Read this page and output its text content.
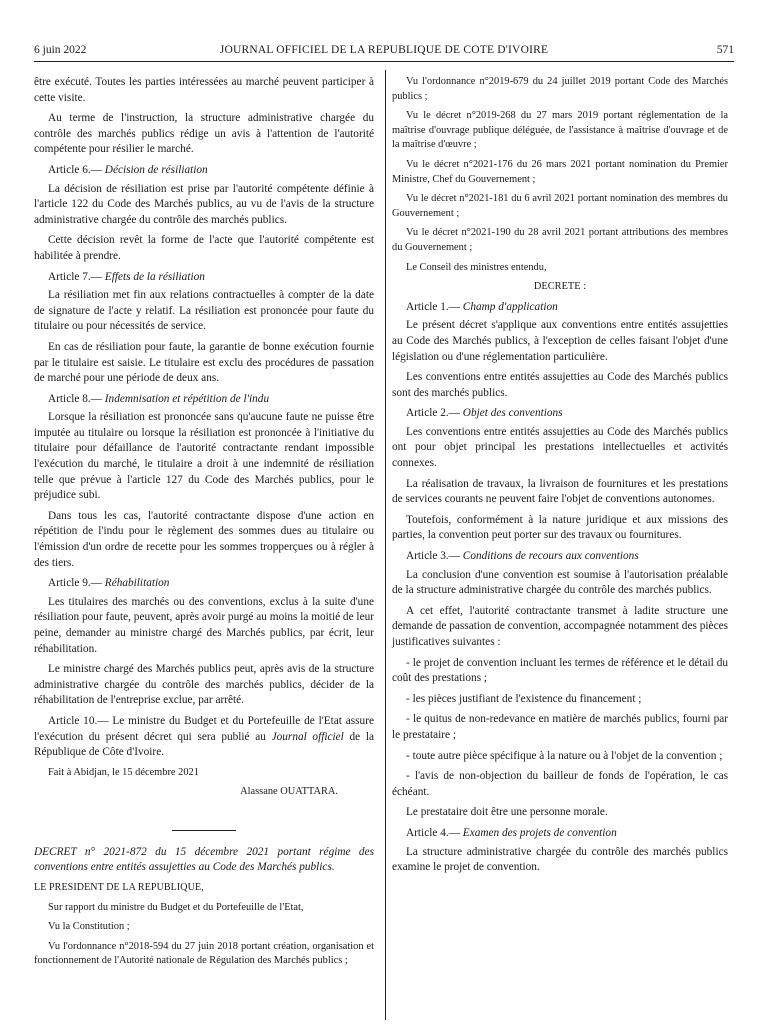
6 juin 2022	JOURNAL OFFICIEL DE LA REPUBLIQUE DE COTE D'IVOIRE	571

être exécuté. Toutes les parties intéressées au marché peuvent participer à cette visite.

Au terme de l'instruction, la structure administrative chargée du contrôle des marchés publics rédige un avis à l'attention de l'autorité compétente pour résilier le marché.

Article 6.— Décision de résiliation

La décision de résiliation est prise par l'autorité compétente définie à l'article 122 du Code des Marchés publics, au vu de l'avis de la structure administrative chargée du contrôle des marchés publics.

Cette décision revêt la forme de l'acte que l'autorité compétente est habilitée à prendre.

Article 7.— Effets de la résiliation

La résiliation met fin aux relations contractuelles à compter de la date de signature de l'acte y relatif. La résiliation est prononcée pour faute du titulaire ou pour nécessités de service.

En cas de résiliation pour faute, la garantie de bonne exécution fournie par le titulaire est saisie. Le titulaire est exclu des procédures de passation de marché pour une période de deux ans.

Article 8.— Indemnisation et répétition de l'indu

Lorsque la résiliation est prononcée sans qu'aucune faute ne puisse être imputée au titulaire ou lorsque la résiliation est prononcée à l'initiative du titulaire pour défaillance de l'autorité contractante rendant impossible l'exécution du marché, le titulaire a droit à une indemnité de résiliation telle que prévue à l'article 127 du Code des Marchés publics, pour le préjudice subi.

Dans tous les cas, l'autorité contractante dispose d'une action en répétition de l'indu pour le règlement des sommes dues au titulaire ou l'émission d'un ordre de recette pour les sommes tropperçues ou à régler à des tiers.

Article 9.— Réhabilitation

Les titulaires des marchés ou des conventions, exclus à la suite d'une résiliation pour faute, peuvent, après avoir purgé au moins la moitié de leur peine, demander au ministre chargé des Marchés publics, par écrit, leur réhabilitation.

Le ministre chargé des Marchés publics peut, après avis de la structure administrative chargée du contrôle des marchés publics, décider de la réhabilitation de l'entreprise exclue, par arrêté.

Article 10.— Le ministre du Budget et du Portefeuille de l'Etat assure l'exécution du présent décret qui sera publié au Journal officiel de la République de Côte d'Ivoire.

Fait à Abidjan, le 15 décembre 2021

Alassane OUATTARA.

DECRET n° 2021-872 du 15 décembre 2021 portant régime des conventions entre entités assujetties au Code des Marchés publics.

LE PRESIDENT DE LA REPUBLIQUE,

Sur rapport du ministre du Budget et du Portefeuille de l'Etat,

Vu la Constitution ;

Vu l'ordonnance n°2018-594 du 27 juin 2018 portant création, organisation et fonctionnement de l'Autorité nationale de Régulation des Marchés publics ;

Vu l'ordonnance n°2019-679 du 24 juillet 2019 portant Code des Marchés publics ;

Vu le décret n°2019-268 du 27 mars 2019 portant réglementation de la maîtrise d'ouvrage publique déléguée, de l'assistance à maîtrise d'ouvrage et de la maîtrise d'œuvre ;

Vu le décret n°2021-176 du 26 mars 2021 portant nomination du Premier Ministre, Chef du Gouvernement ;

Vu le décret n°2021-181 du 6 avril 2021 portant nomination des membres du Gouvernement ;

Vu le décret n°2021-190 du 28 avril 2021 portant attributions des membres du Gouvernement ;

Le Conseil des ministres entendu,

DECRETE :

Article 1.— Champ d'application

Le présent décret s'applique aux conventions entre entités assujetties au Code des Marchés publics, à l'exception de celles faisant l'objet d'une législation ou d'une réglementation particulière.

Les conventions entre entités assujetties au Code des Marchés publics sont des marchés publics.

Article 2.— Objet des conventions

Les conventions entre entités assujetties au Code des Marchés publics ont pour objet principal les prestations intellectuelles et activités connexes.

La réalisation de travaux, la livraison de fournitures et les prestations de services courants ne peuvent faire l'objet de conventions autonomes.

Toutefois, conformément à la nature juridique et aux missions des parties, la convention peut porter sur des travaux ou fournitures.

Article 3.— Conditions de recours aux conventions

La conclusion d'une convention est soumise à l'autorisation préalable de la structure administrative chargée du contrôle des marchés publics.

A cet effet, l'autorité contractante transmet à ladite structure une demande de passation de convention, accompagnée notamment des pièces justificatives suivantes :

- le projet de convention incluant les termes de référence et le détail du coût des prestations ;

- les pièces justifiant de l'existence du financement ;

- le quitus de non-redevance en matière de marchés publics, fourni par le prestataire ;

- toute autre pièce spécifique à la nature ou à l'objet de la convention ;

- l'avis de non-objection du bailleur de fonds de l'opération, le cas échéant.

Le prestataire doit être une personne morale.

Article 4.— Examen des projets de convention

La structure administrative chargée du contrôle des marchés publics examine le projet de convention.
